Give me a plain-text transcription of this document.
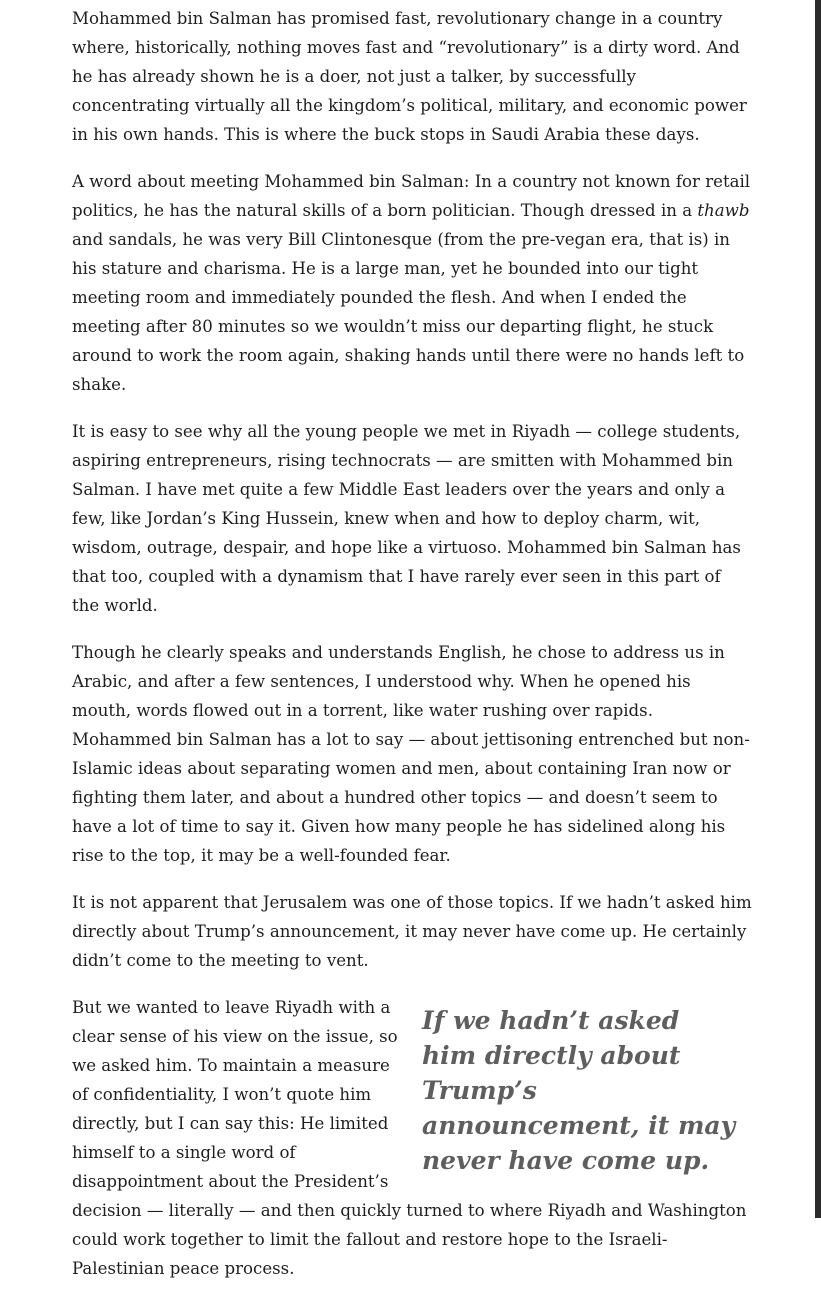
Mohammed bin Salman has promised fast, revolutionary change in a country where, historically, nothing moves fast and “revolutionary” is a dirty word. And he has already shown he is a doer, not just a talker, by successfully concentrating virtually all the kingdom’s political, military, and economic power in his own hands. This is where the buck stops in Saudi Arabia these days.

A word about meeting Mohammed bin Salman: In a country not known for retail politics, he has the natural skills of a born politician. Though dressed in a thawb and sandals, he was very Bill Clintonesque (from the pre-vegan era, that is) in his stature and charisma. He is a large man, yet he bounded into our tight meeting room and immediately pounded the flesh. And when I ended the meeting after 80 minutes so we wouldn’t miss our departing flight, he stuck around to work the room again, shaking hands until there were no hands left to shake.

It is easy to see why all the young people we met in Riyadh — college students, aspiring entrepreneurs, rising technocrats — are smitten with Mohammed bin Salman. I have met quite a few Middle East leaders over the years and only a few, like Jordan’s King Hussein, knew when and how to deploy charm, wit, wisdom, outrage, despair, and hope like a virtuoso. Mohammed bin Salman has that too, coupled with a dynamism that I have rarely ever seen in this part of the world.

Though he clearly speaks and understands English, he chose to address us in Arabic, and after a few sentences, I understood why. When he opened his mouth, words flowed out in a torrent, like water rushing over rapids. Mohammed bin Salman has a lot to say — about jettisoning entrenched but non-Islamic ideas about separating women and men, about containing Iran now or fighting them later, and about a hundred other topics — and doesn’t seem to have a lot of time to say it. Given how many people he has sidelined along his rise to the top, it may be a well-founded fear.

It is not apparent that Jerusalem was one of those topics. If we hadn’t asked him directly about Trump’s announcement, it may never have come up. He certainly didn’t come to the meeting to vent.

If we hadn’t asked him directly about Trump’s announcement, it may never have come up.

But we wanted to leave Riyadh with a clear sense of his view on the issue, so we asked him. To maintain a measure of confidentiality, I won’t quote him directly, but I can say this: He limited himself to a single word of disappointment about the President’s decision — literally — and then quickly turned to where Riyadh and Washington could work together to limit the fallout and restore hope to the Israeli-Palestinian peace process.
